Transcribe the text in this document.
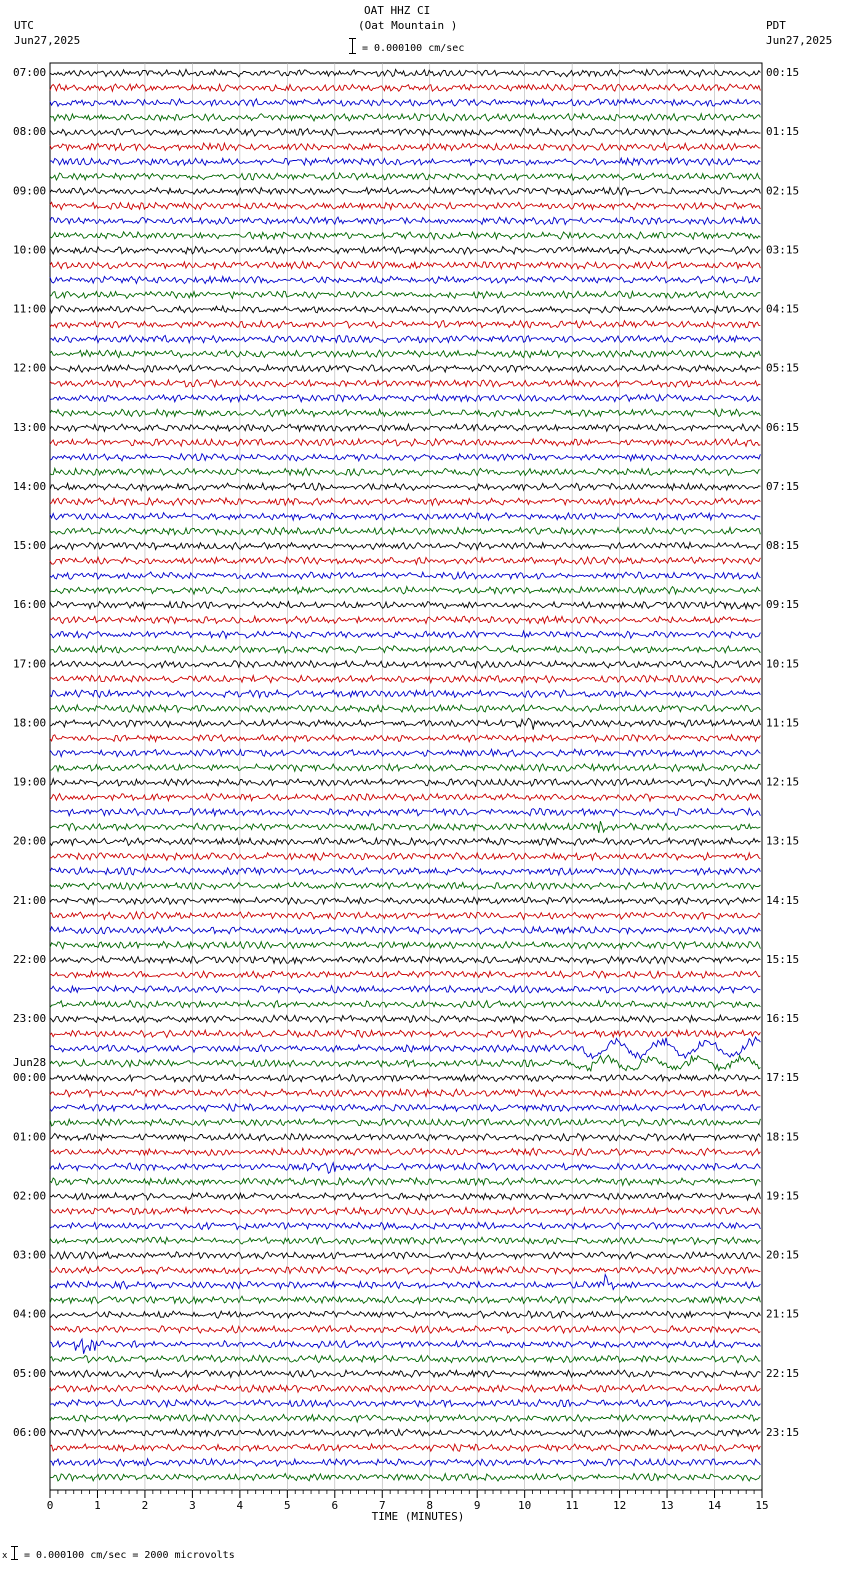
OAT HHZ CI
(Oat Mountain )
UTC
Jun27,2025
PDT
Jun27,2025
= 0.000100 cm/sec
07:00	00:15
08:00	01:15
09:00	02:15
10:00	03:15
11:00	04:15
12:00	05:15
13:00	06:15
14:00	07:15
15:00	08:15
16:00	09:15
17:00	10:15
18:00	11:15
19:00	12:15
20:00	13:15
21:00	14:15
22:00	15:15
23:00	16:15
00:00	17:15
01:00	18:15
02:00	19:15
03:00	20:15
04:00	21:15
05:00	22:15
06:00	23:15
Jun28
0	1	2	3	4	5	6	7	8	9	10	11	12	13	14	15
TIME (MINUTES)
x = 0.000100 cm/sec = 2000 microvolts
